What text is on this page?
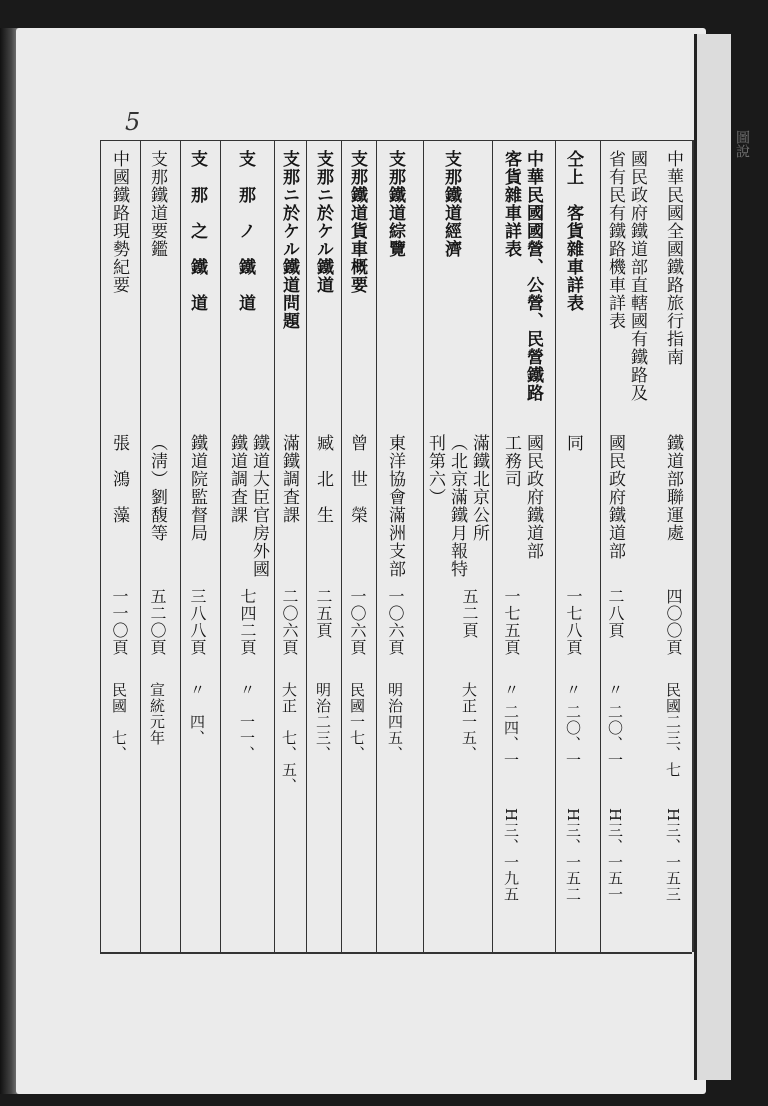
圖說
5
中華民國全國鐵路旅行指南
鐵道部聯運處
四〇〇頁
民國二三、七
H三、一五三
國民政府鐵道部直轄國有鐵路及
省有民有鐵路機車詳表
國民政府鐵道部
二八頁
〃 二〇、一
H三、一五一
仝上　客貨雜車詳表
同
一七八頁
〃 二〇、一
H三、一五二
中華民國國營、公營、民營鐵路
客貨雜車詳表
國民政府鐵道部
工務司
一七五頁
〃 二四、一
H三、一九五
支那鐵道經濟
滿鐵北京公所
（北京滿鐵月報特
刊第六）
五二頁
大正一五、
支那鐵道綜覽
東洋協會滿洲支部
一〇六頁
明治四五、
支那鐵道貨車概要
曾　世　榮
一〇六頁
民國一七、
支那ニ於ケル鐵道
臧　北　生
二五頁
明治二三、
支那ニ於ケル鐵道問題
滿鐵調査課
二〇六頁
大正　七、五、
支　那　ノ　鐵　道
鐵道大臣官房外國
鐵道調査課
七四二頁
〃　一一、
支　那　之　鐵　道
鐵道院監督局
三八八頁
〃　四、
支那鐵道要鑑
（淸）劉馥等
五二〇頁
宣統元年
中國鐵路現勢紀要
張　鴻　藻
一一〇頁
民國　七、
